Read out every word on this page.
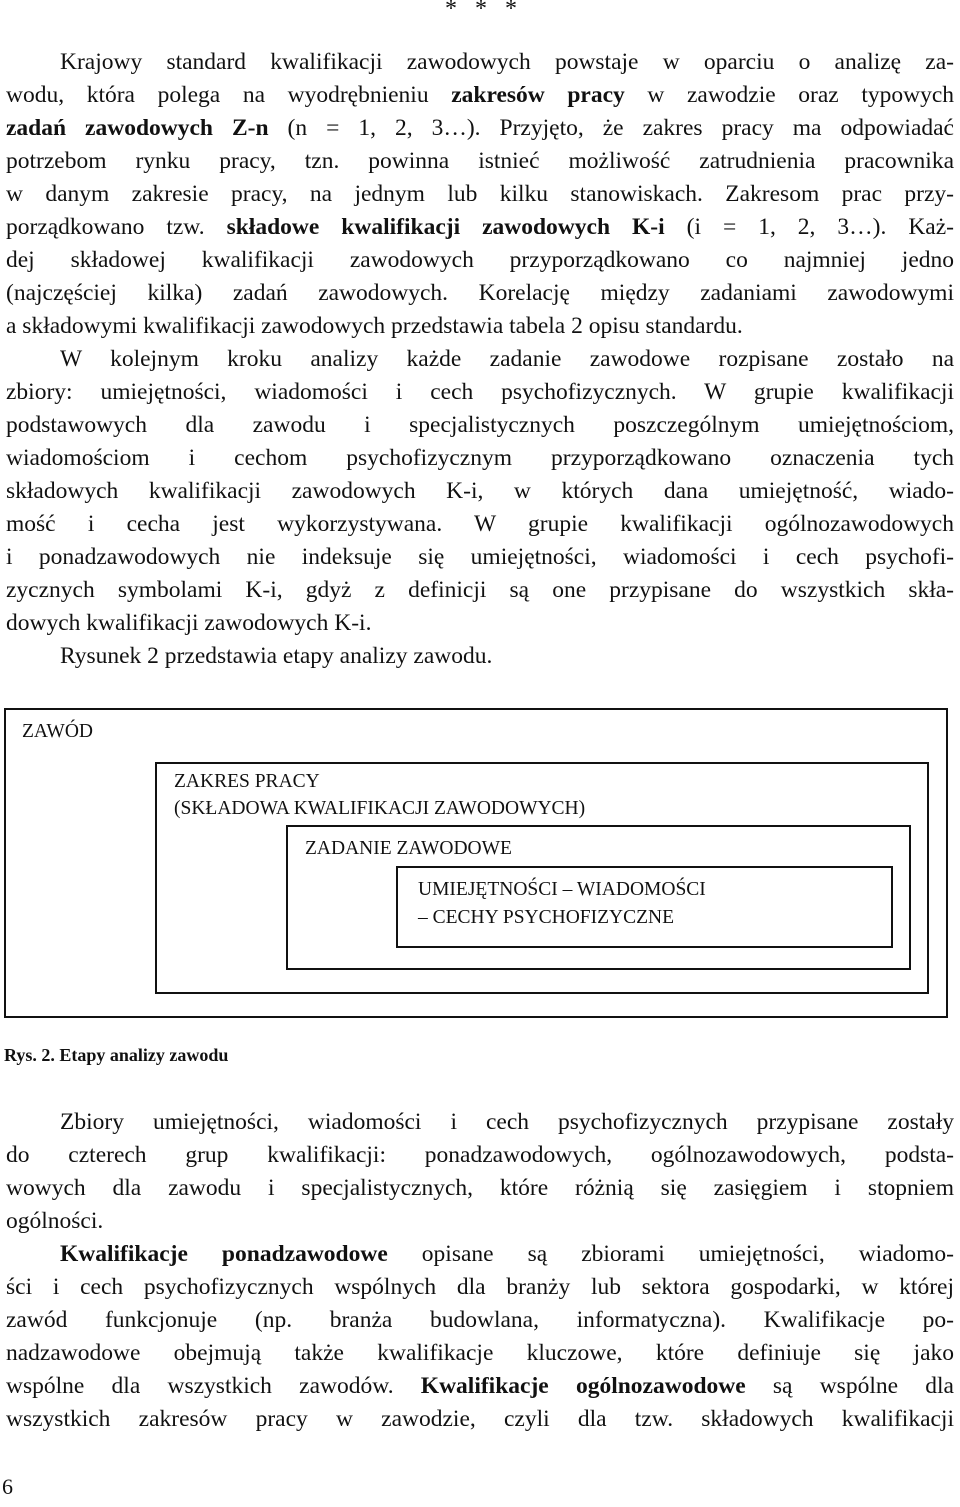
* * *
Krajowy standard kwalifikacji zawodowych powstaje w oparciu o analizę za-
wodu, która polega na wyodrębnieniu zakresów pracy w zawodzie oraz typowych
zadań zawodowych Z-n (n = 1, 2, 3…). Przyjęto, że zakres pracy ma odpowiadać
potrzebom rynku pracy, tzn. powinna istnieć możliwość zatrudnienia pracownika
w danym zakresie pracy, na jednym lub kilku stanowiskach. Zakresom prac przy-
porządkowano tzw. składowe kwalifikacji zawodowych K-i (i = 1, 2, 3…). Każ-
dej składowej kwalifikacji zawodowych przyporządkowano co najmniej jedno
(najczęściej kilka) zadań zawodowych. Korelację między zadaniami zawodowymi
a składowymi kwalifikacji zawodowych przedstawia tabela 2 opisu standardu.
W kolejnym kroku analizy każde zadanie zawodowe rozpisane zostało na
zbiory: umiejętności, wiadomości i cech psychofizycznych. W grupie kwalifikacji
podstawowych dla zawodu i specjalistycznych poszczególnym umiejętnościom,
wiadomościom i cechom psychofizycznym przyporządkowano oznaczenia tych
składowych kwalifikacji zawodowych K-i, w których dana umiejętność, wiado-
mość i cecha jest wykorzystywana. W grupie kwalifikacji ogólnozawodowych
i ponadzawodowych nie indeksuje się umiejętności, wiadomości i cech psychofi-
zycznych symbolami K-i, gdyż z definicji są one przypisane do wszystkich skła-
dowych kwalifikacji zawodowych K-i.
Rysunek 2 przedstawia etapy analizy zawodu.
ZAWÓD
ZAKRES PRACY
(SKŁADOWA KWALIFIKACJI ZAWODOWYCH)
ZADANIE ZAWODOWE
UMIEJĘTNOŚCI – WIADOMOŚCI
– CECHY PSYCHOFIZYCZNE
Rys. 2. Etapy analizy zawodu
Zbiory umiejętności, wiadomości i cech psychofizycznych przypisane zostały
do czterech grup kwalifikacji: ponadzawodowych, ogólnozawodowych, podsta-
wowych dla zawodu i specjalistycznych, które różnią się zasięgiem i stopniem
ogólności.
Kwalifikacje ponadzawodowe opisane są zbiorami umiejętności, wiadomo-
ści i cech psychofizycznych wspólnych dla branży lub sektora gospodarki, w której
zawód funkcjonuje (np. branża budowlana, informatyczna). Kwalifikacje po-
nadzawodowe obejmują także kwalifikacje kluczowe, które definiuje się jako
wspólne dla wszystkich zawodów. Kwalifikacje ogólnozawodowe są wspólne dla
wszystkich zakresów pracy w zawodzie, czyli dla tzw. składowych kwalifikacji
6
